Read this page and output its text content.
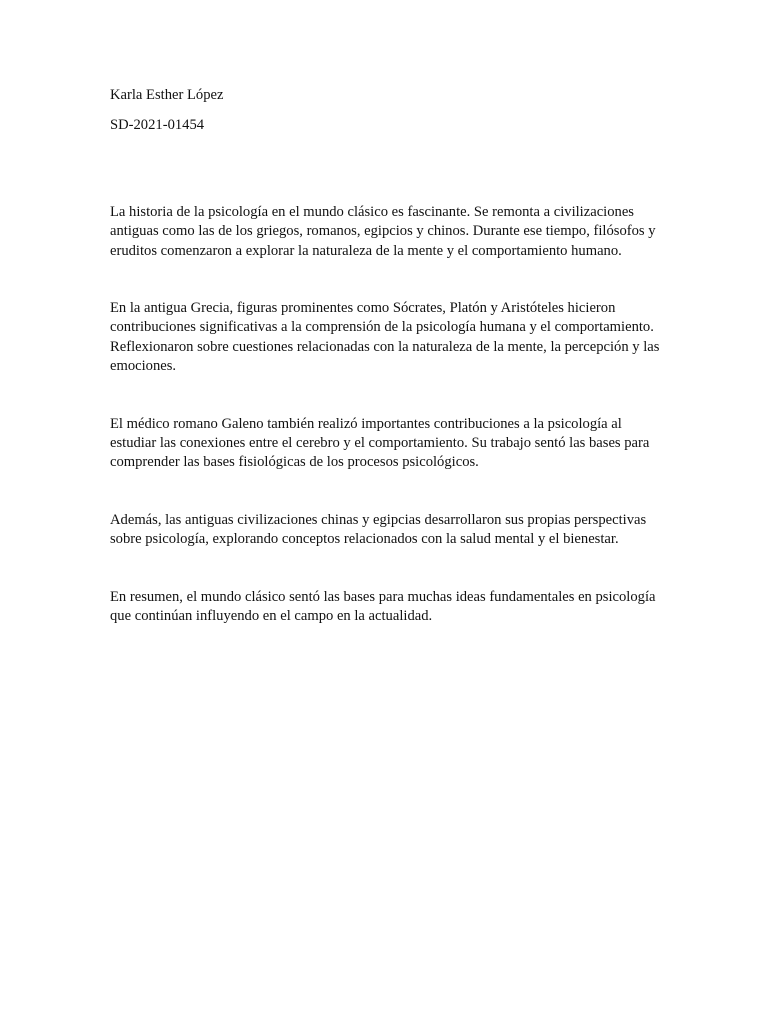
Karla Esther López

SD-2021-01454

La historia de la psicología en el mundo clásico es fascinante. Se remonta a civilizaciones antiguas como las de los griegos, romanos, egipcios y chinos. Durante ese tiempo, filósofos y eruditos comenzaron a explorar la naturaleza de la mente y el comportamiento humano.

En la antigua Grecia, figuras prominentes como Sócrates, Platón y Aristóteles hicieron contribuciones significativas a la comprensión de la psicología humana y el comportamiento. Reflexionaron sobre cuestiones relacionadas con la naturaleza de la mente, la percepción y las emociones.

El médico romano Galeno también realizó importantes contribuciones a la psicología al estudiar las conexiones entre el cerebro y el comportamiento. Su trabajo sentó las bases para comprender las bases fisiológicas de los procesos psicológicos.

Además, las antiguas civilizaciones chinas y egipcias desarrollaron sus propias perspectivas sobre psicología, explorando conceptos relacionados con la salud mental y el bienestar.

En resumen, el mundo clásico sentó las bases para muchas ideas fundamentales en psicología que continúan influyendo en el campo en la actualidad.
